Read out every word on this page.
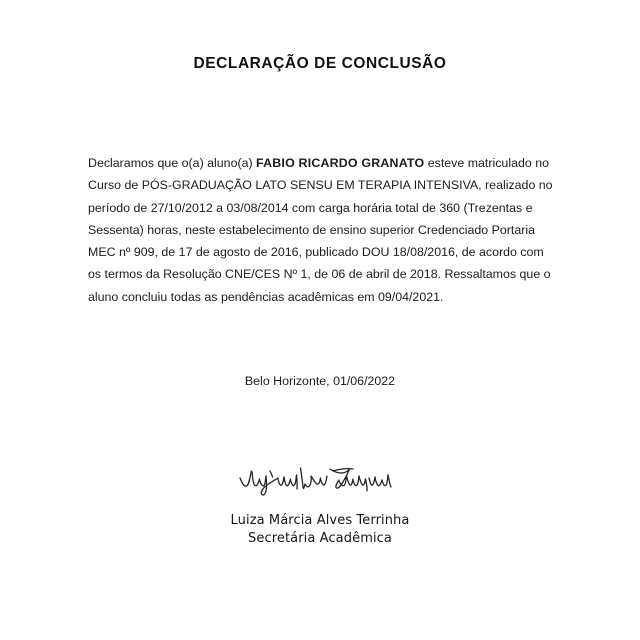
DECLARAÇÃO DE CONCLUSÃO

Declaramos que o(a) aluno(a) FABIO RICARDO GRANATO esteve matriculado no Curso de PÓS-GRADUAÇÃO LATO SENSU EM TERAPIA INTENSIVA, realizado no período de 27/10/2012 a 03/08/2014 com carga horária total de 360 (Trezentas e Sessenta) horas, neste estabelecimento de ensino superior Credenciado Portaria MEC nº 909, de 17 de agosto de 2016, publicado DOU 18/08/2016, de acordo com os termos da Resolução CNE/CES Nº 1, de 06 de abril de 2018. Ressaltamos que o aluno concluiu todas as pendências acadêmicas em 09/04/2021.

Belo Horizonte, 01/06/2022
Luiza Márcia Alves Terrinha
Secretária Acadêmica
